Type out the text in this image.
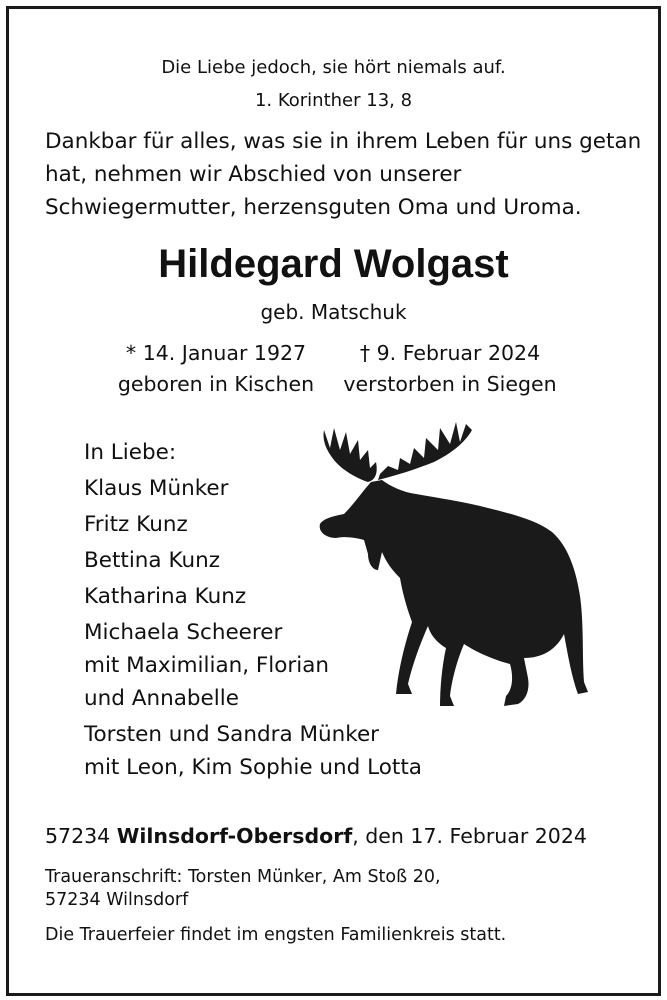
Die Liebe jedoch, sie hört niemals auf.
1. Korinther 13, 8
Dankbar für alles, was sie in ihrem Leben für uns getan
hat, nehmen wir Abschied von unserer
Schwiegermutter, herzensguten Oma und Uroma.
Hildegard Wolgast
geb. Matschuk
* 14. Januar 1927
geboren in Kischen
† 9. Februar 2024
verstorben in Siegen
In Liebe:
Klaus Münker
Fritz Kunz
Bettina Kunz
Katharina Kunz
Michaela Scheerer
mit Maximilian, Florian
und Annabelle
Torsten und Sandra Münker
mit Leon, Kim Sophie und Lotta
57234 Wilnsdorf-Obersdorf, den 17. Februar 2024
Traueranschrift: Torsten Münker, Am Stoß 20,
57234 Wilnsdorf
Die Trauerfeier findet im engsten Familienkreis statt.
